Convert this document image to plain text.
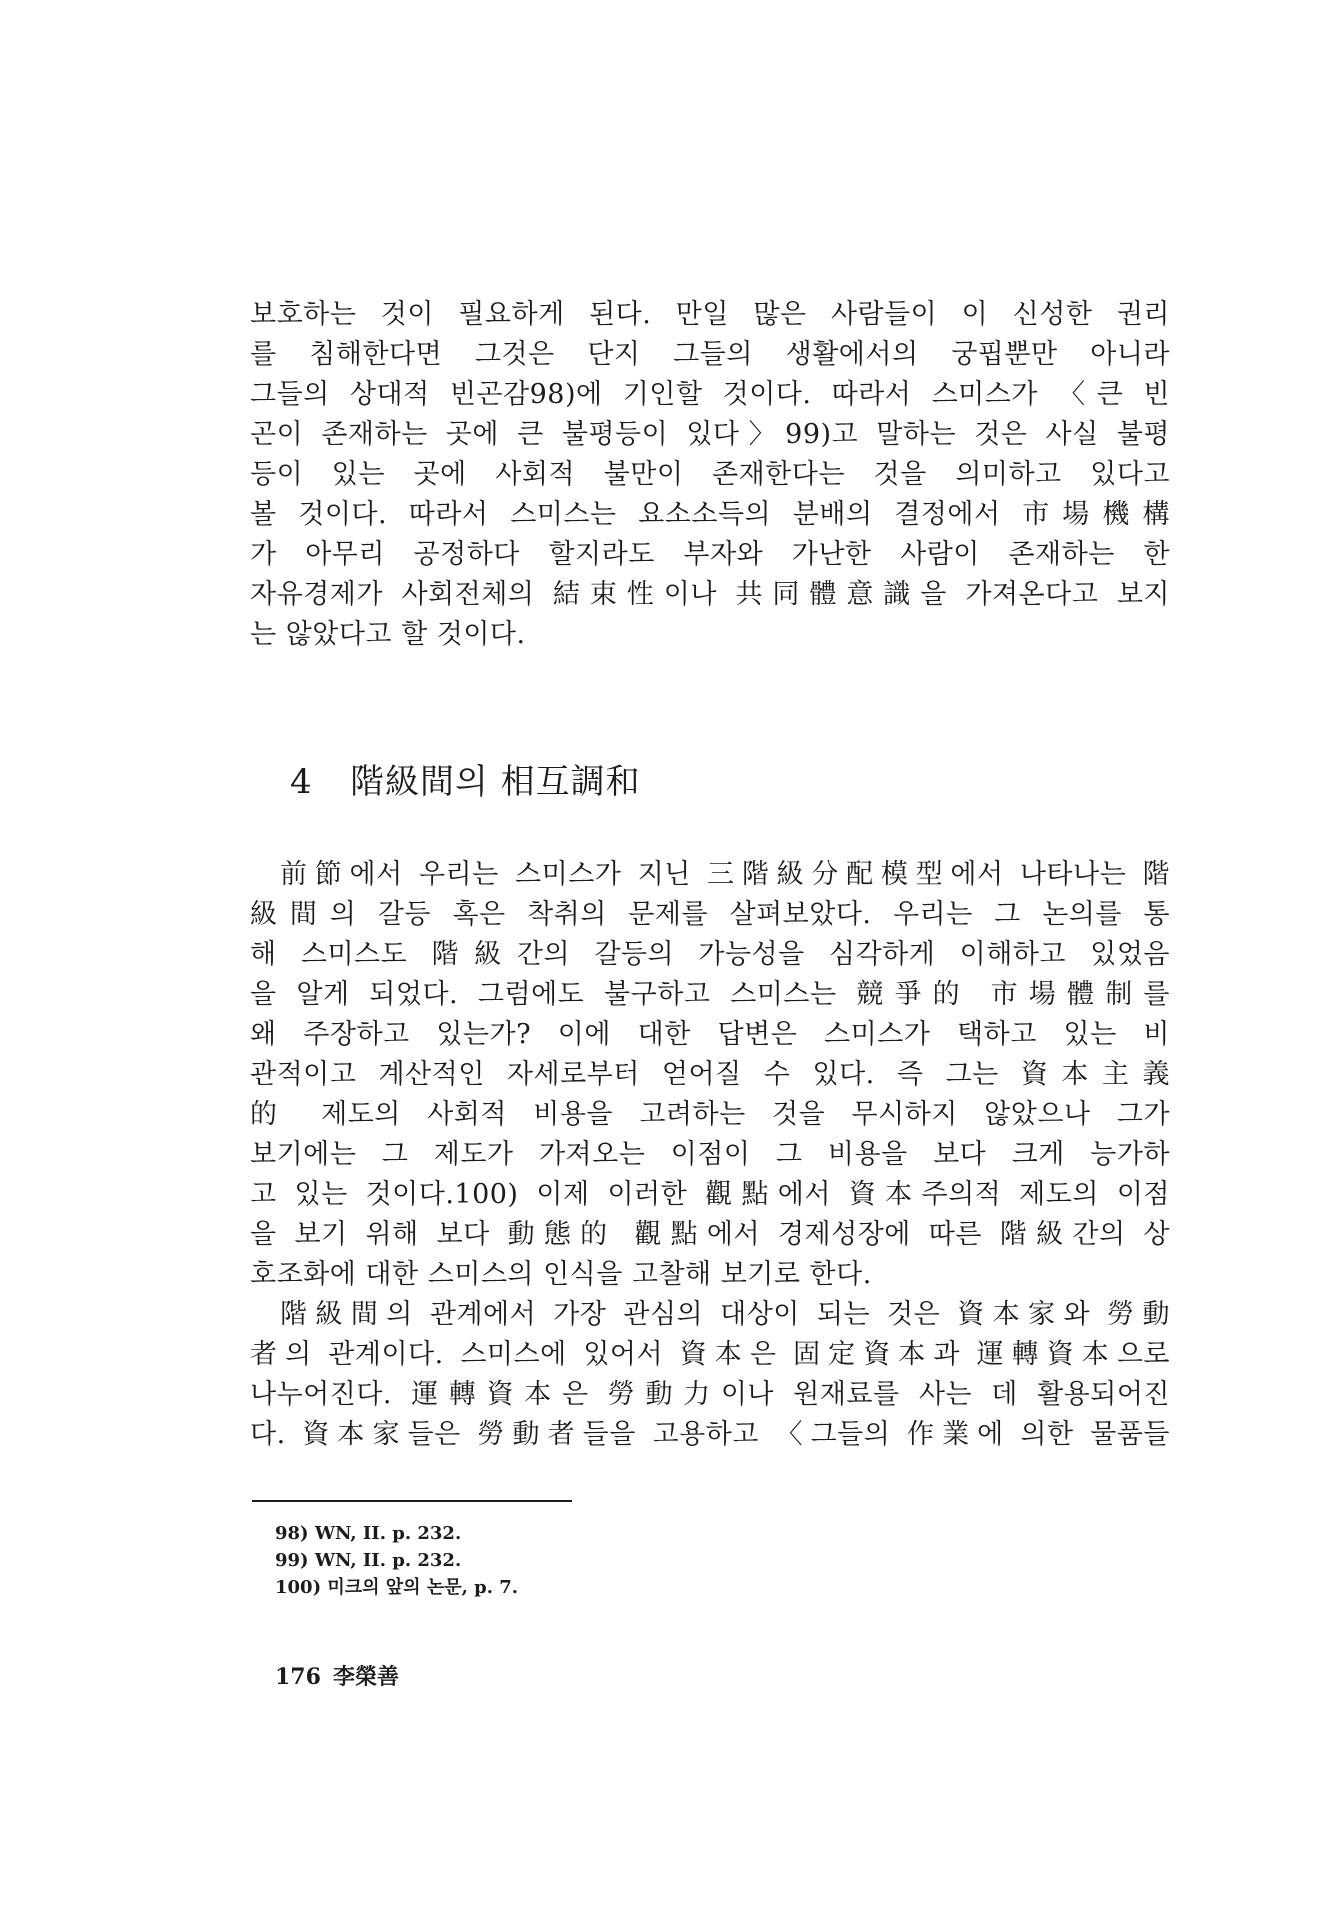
보호하는 것이 필요하게 된다. 만일 많은 사람들이 이 신성한 권리
를 침해한다면 그것은 단지 그들의 생활에서의 궁핍뿐만 아니라
그들의 상대적 빈곤감98)에 기인할 것이다. 따라서 스미스가 〈큰 빈
곤이 존재하는 곳에 큰 불평등이 있다〉99)고 말하는 것은 사실 불평
등이 있는 곳에 사회적 불만이 존재한다는 것을 의미하고 있다고
볼 것이다. 따라서 스미스는 요소소득의 분배의 결정에서 市場機構
가 아무리 공정하다 할지라도 부자와 가난한 사람이 존재하는 한
자유경제가 사회전체의 結束性이나 共同體意識을 가져온다고 보지
는 않았다고 할 것이다.
4 階級間의 相互調和
前節에서 우리는 스미스가 지닌 三階級分配模型에서 나타나는 階
級間의 갈등 혹은 착취의 문제를 살펴보았다. 우리는 그 논의를 통
해 스미스도 階級간의 갈등의 가능성을 심각하게 이해하고 있었음
을 알게 되었다. 그럼에도 불구하고 스미스는 競爭的 市場體制를
왜 주장하고 있는가? 이에 대한 답변은 스미스가 택하고 있는 비
관적이고 계산적인 자세로부터 얻어질 수 있다. 즉 그는 資本主義
的 제도의 사회적 비용을 고려하는 것을 무시하지 않았으나 그가
보기에는 그 제도가 가져오는 이점이 그 비용을 보다 크게 능가하
고 있는 것이다.100) 이제 이러한 觀點에서 資本주의적 제도의 이점
을 보기 위해 보다 動態的 觀點에서 경제성장에 따른 階級간의 상
호조화에 대한 스미스의 인식을 고찰해 보기로 한다.
階級間의 관계에서 가장 관심의 대상이 되는 것은 資本家와 勞動
者의 관계이다. 스미스에 있어서 資本은 固定資本과 運轉資本으로
나누어진다. 運轉資本은 勞動力이나 원재료를 사는 데 활용되어진
다. 資本家들은 勞動者들을 고용하고 〈그들의 作業에 의한 물품들
98) WN, II. p. 232.
99) WN, II. p. 232.
100) 미크의 앞의 논문, p. 7.
176 李榮善
